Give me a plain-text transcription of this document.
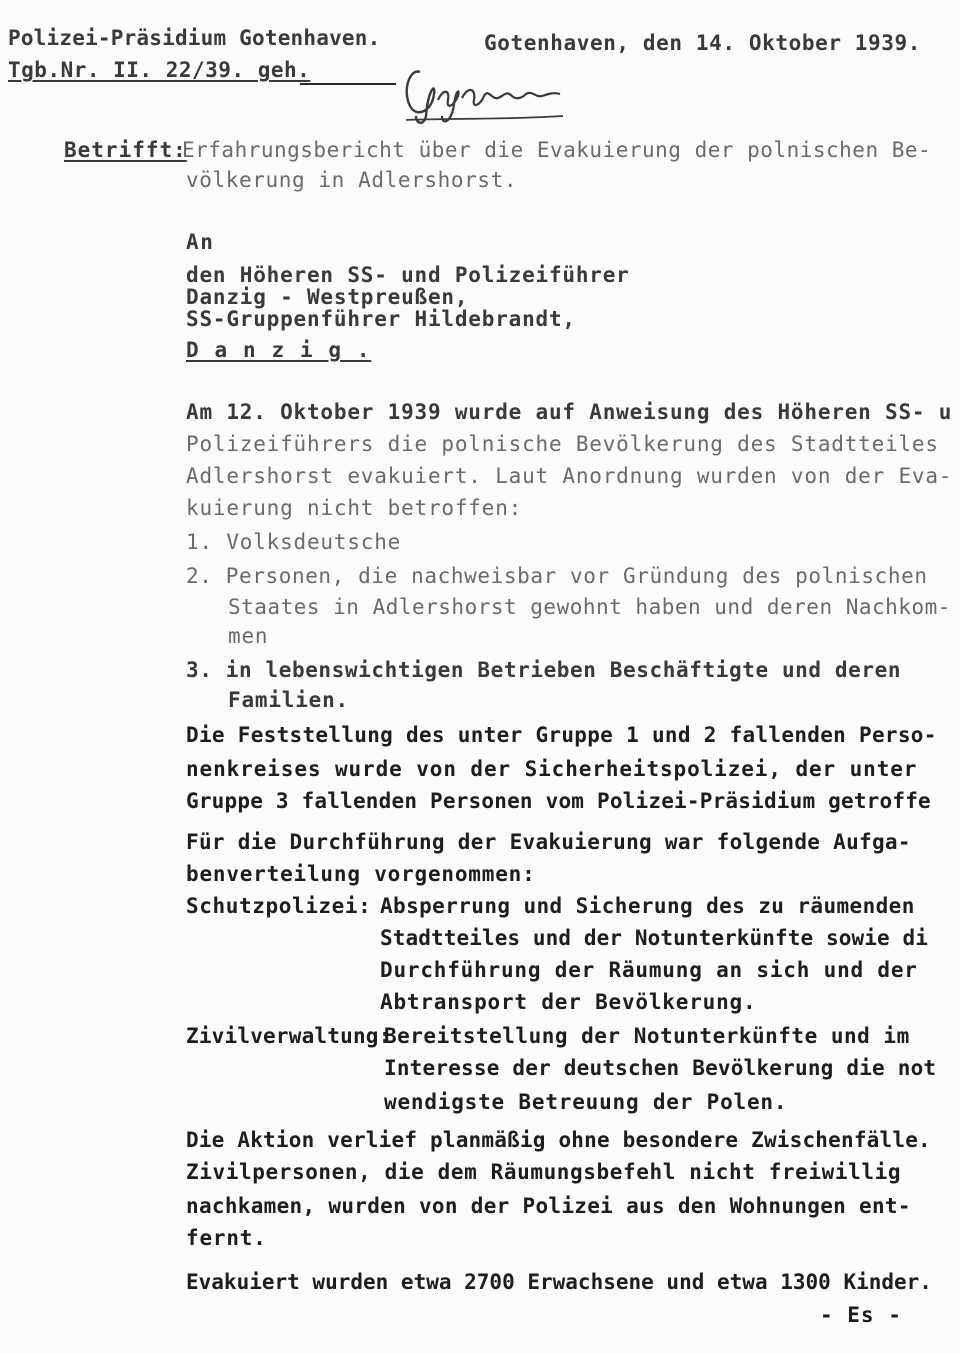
Polizei-Präsidium Gotenhaven.	Gotenhaven, den 14. Oktober 1939.
Tgb.Nr. II. 22/39. geh.
Betrifft:
Erfahrungsbericht über die Evakuierung der polnischen Be-
völkerung in Adlershorst.
An
den Höheren SS- und Polizeiführer
Danzig - Westpreußen,
SS-Gruppenführer Hildebrandt,
D a n z i g .
Am 12. Oktober 1939 wurde auf Anweisung des Höheren SS- u
Polizeiführers die polnische Bevölkerung des Stadtteiles
Adlershorst evakuiert. Laut Anordnung wurden von der Eva-
kuierung nicht betroffen:
1. Volksdeutsche
2. Personen, die nachweisbar vor Gründung des polnischen
Staates in Adlershorst gewohnt haben und deren Nachkom-
men
3. in lebenswichtigen Betrieben Beschäftigte und deren
Familien.
Die Feststellung des unter Gruppe 1 und 2 fallenden Perso-
nenkreises wurde von der Sicherheitspolizei, der unter
Gruppe 3 fallenden Personen vom Polizei-Präsidium getroffe
Für die Durchführung der Evakuierung war folgende Aufga-
benverteilung vorgenommen:
Schutzpolizei: Absperrung und Sicherung des zu räumenden
Stadtteiles und der Notunterkünfte sowie di
Durchführung der Räumung an sich und der
Abtransport der Bevölkerung.
Zivilverwaltung:
Bereitstellung der Notunterkünfte und im
Interesse der deutschen Bevölkerung die not
wendigste Betreuung der Polen.
Die Aktion verlief planmäßig ohne besondere Zwischenfälle.
Zivilpersonen, die dem Räumungsbefehl nicht freiwillig
nachkamen, wurden von der Polizei aus den Wohnungen ent-
fernt.
Evakuiert wurden etwa 2700 Erwachsene und etwa 1300 Kinder.
- Es -
